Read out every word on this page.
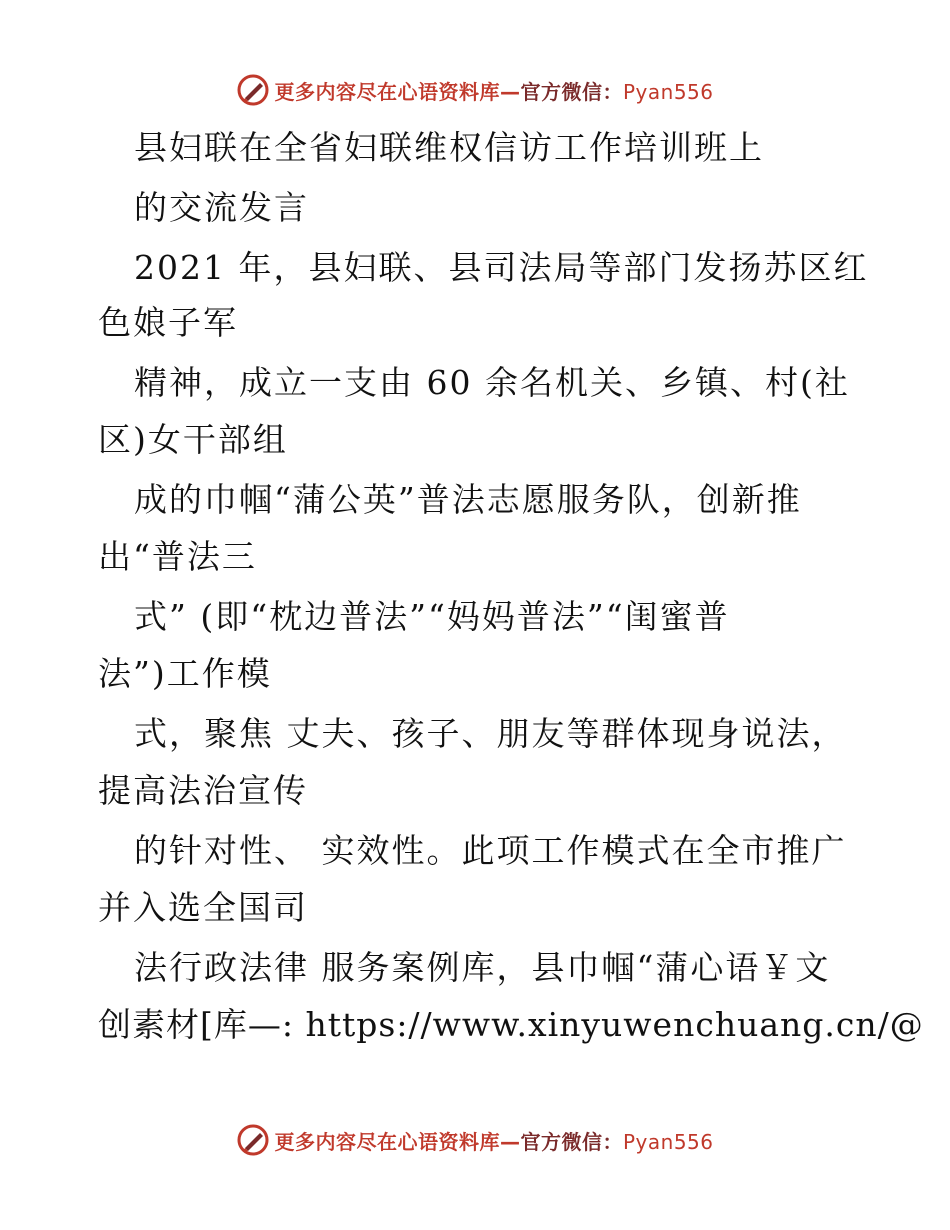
更多内容尽在心语资料库—官方微信：Pyan556
县妇联在全省妇联维权信访工作培训班上
的交流发言
2021 年，县妇联、县司法局等部门发扬苏区红
色娘子军
精神，成立一支由 60 余名机关、乡镇、村(社
区)女干部组
成的巾帼“蒲公英”普法志愿服务队，创新推
出“普法三
式” (即“枕边普法”“妈妈普法”“闺蜜普
法”)工作模
式，聚焦 丈夫、孩子、朋友等群体现身说法，
提高法治宣传
的针对性、 实效性。此项工作模式在全市推广
并入选全国司
法行政法律 服务案例库，县巾帼“蒲心语￥文
创素材[库—: https://www.xinyuwenchuang.cn/@
更多内容尽在心语资料库—官方微信：Pyan556
